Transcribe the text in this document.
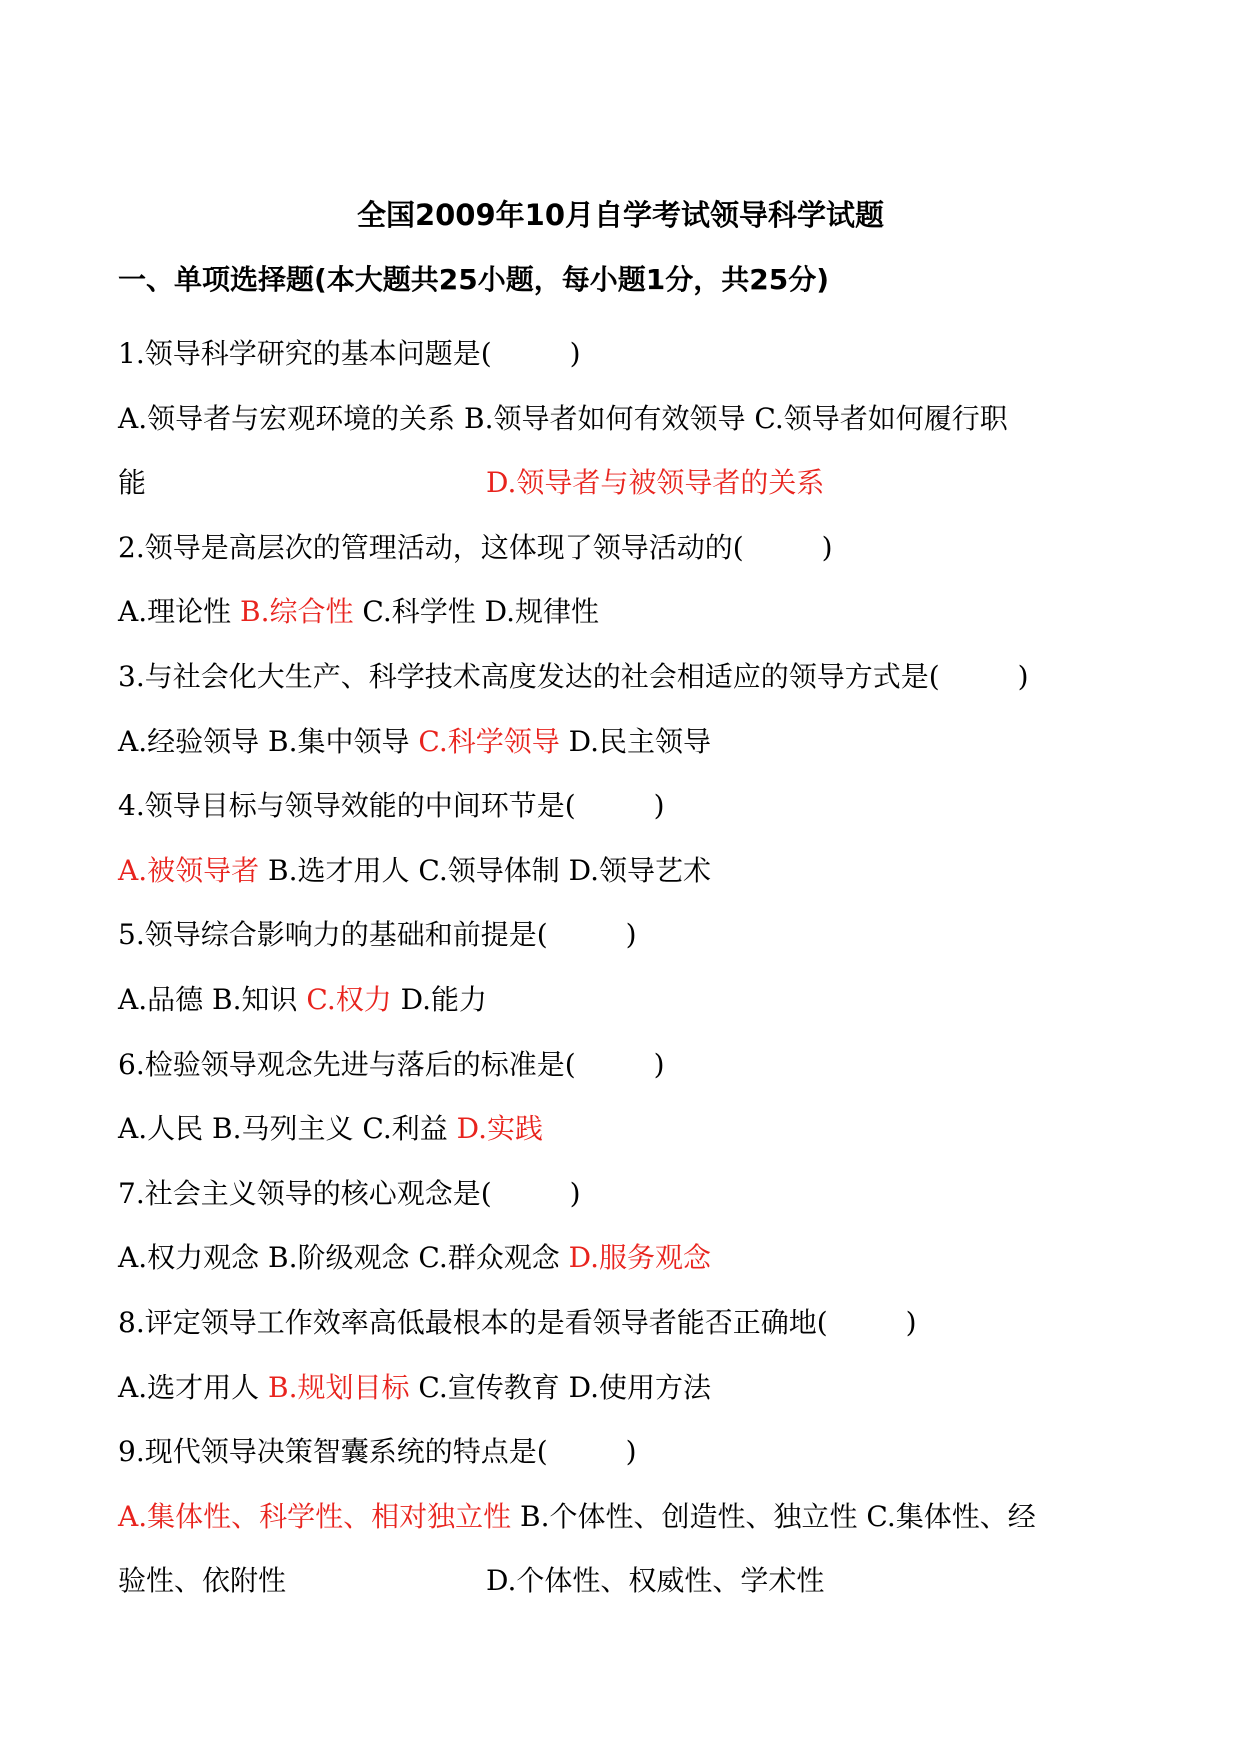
全国2009年10月自学考试领导科学试题
一、单项选择题(本大题共25小题，每小题1分，共25分)
1.领导科学研究的基本问题是(	)
A.领导者与宏观环境的关系 B.领导者如何有效领导 C.领导者如何履行职
能	D.领导者与被领导者的关系
2.领导是高层次的管理活动，这体现了领导活动的(	)
A.理论性 B.综合性 C.科学性 D.规律性
3.与社会化大生产、科学技术高度发达的社会相适应的领导方式是(	)
A.经验领导 B.集中领导 C.科学领导 D.民主领导
4.领导目标与领导效能的中间环节是(	)
A.被领导者 B.选才用人 C.领导体制 D.领导艺术
5.领导综合影响力的基础和前提是(	)
A.品德 B.知识 C.权力 D.能力
6.检验领导观念先进与落后的标准是(	)
A.人民 B.马列主义 C.利益 D.实践
7.社会主义领导的核心观念是(	)
A.权力观念 B.阶级观念 C.群众观念 D.服务观念
8.评定领导工作效率高低最根本的是看领导者能否正确地(	)
A.选才用人 B.规划目标 C.宣传教育 D.使用方法
9.现代领导决策智囊系统的特点是(	)
A.集体性、科学性、相对独立性 B.个体性、创造性、独立性 C.集体性、经
验性、依附性	D.个体性、权威性、学术性
